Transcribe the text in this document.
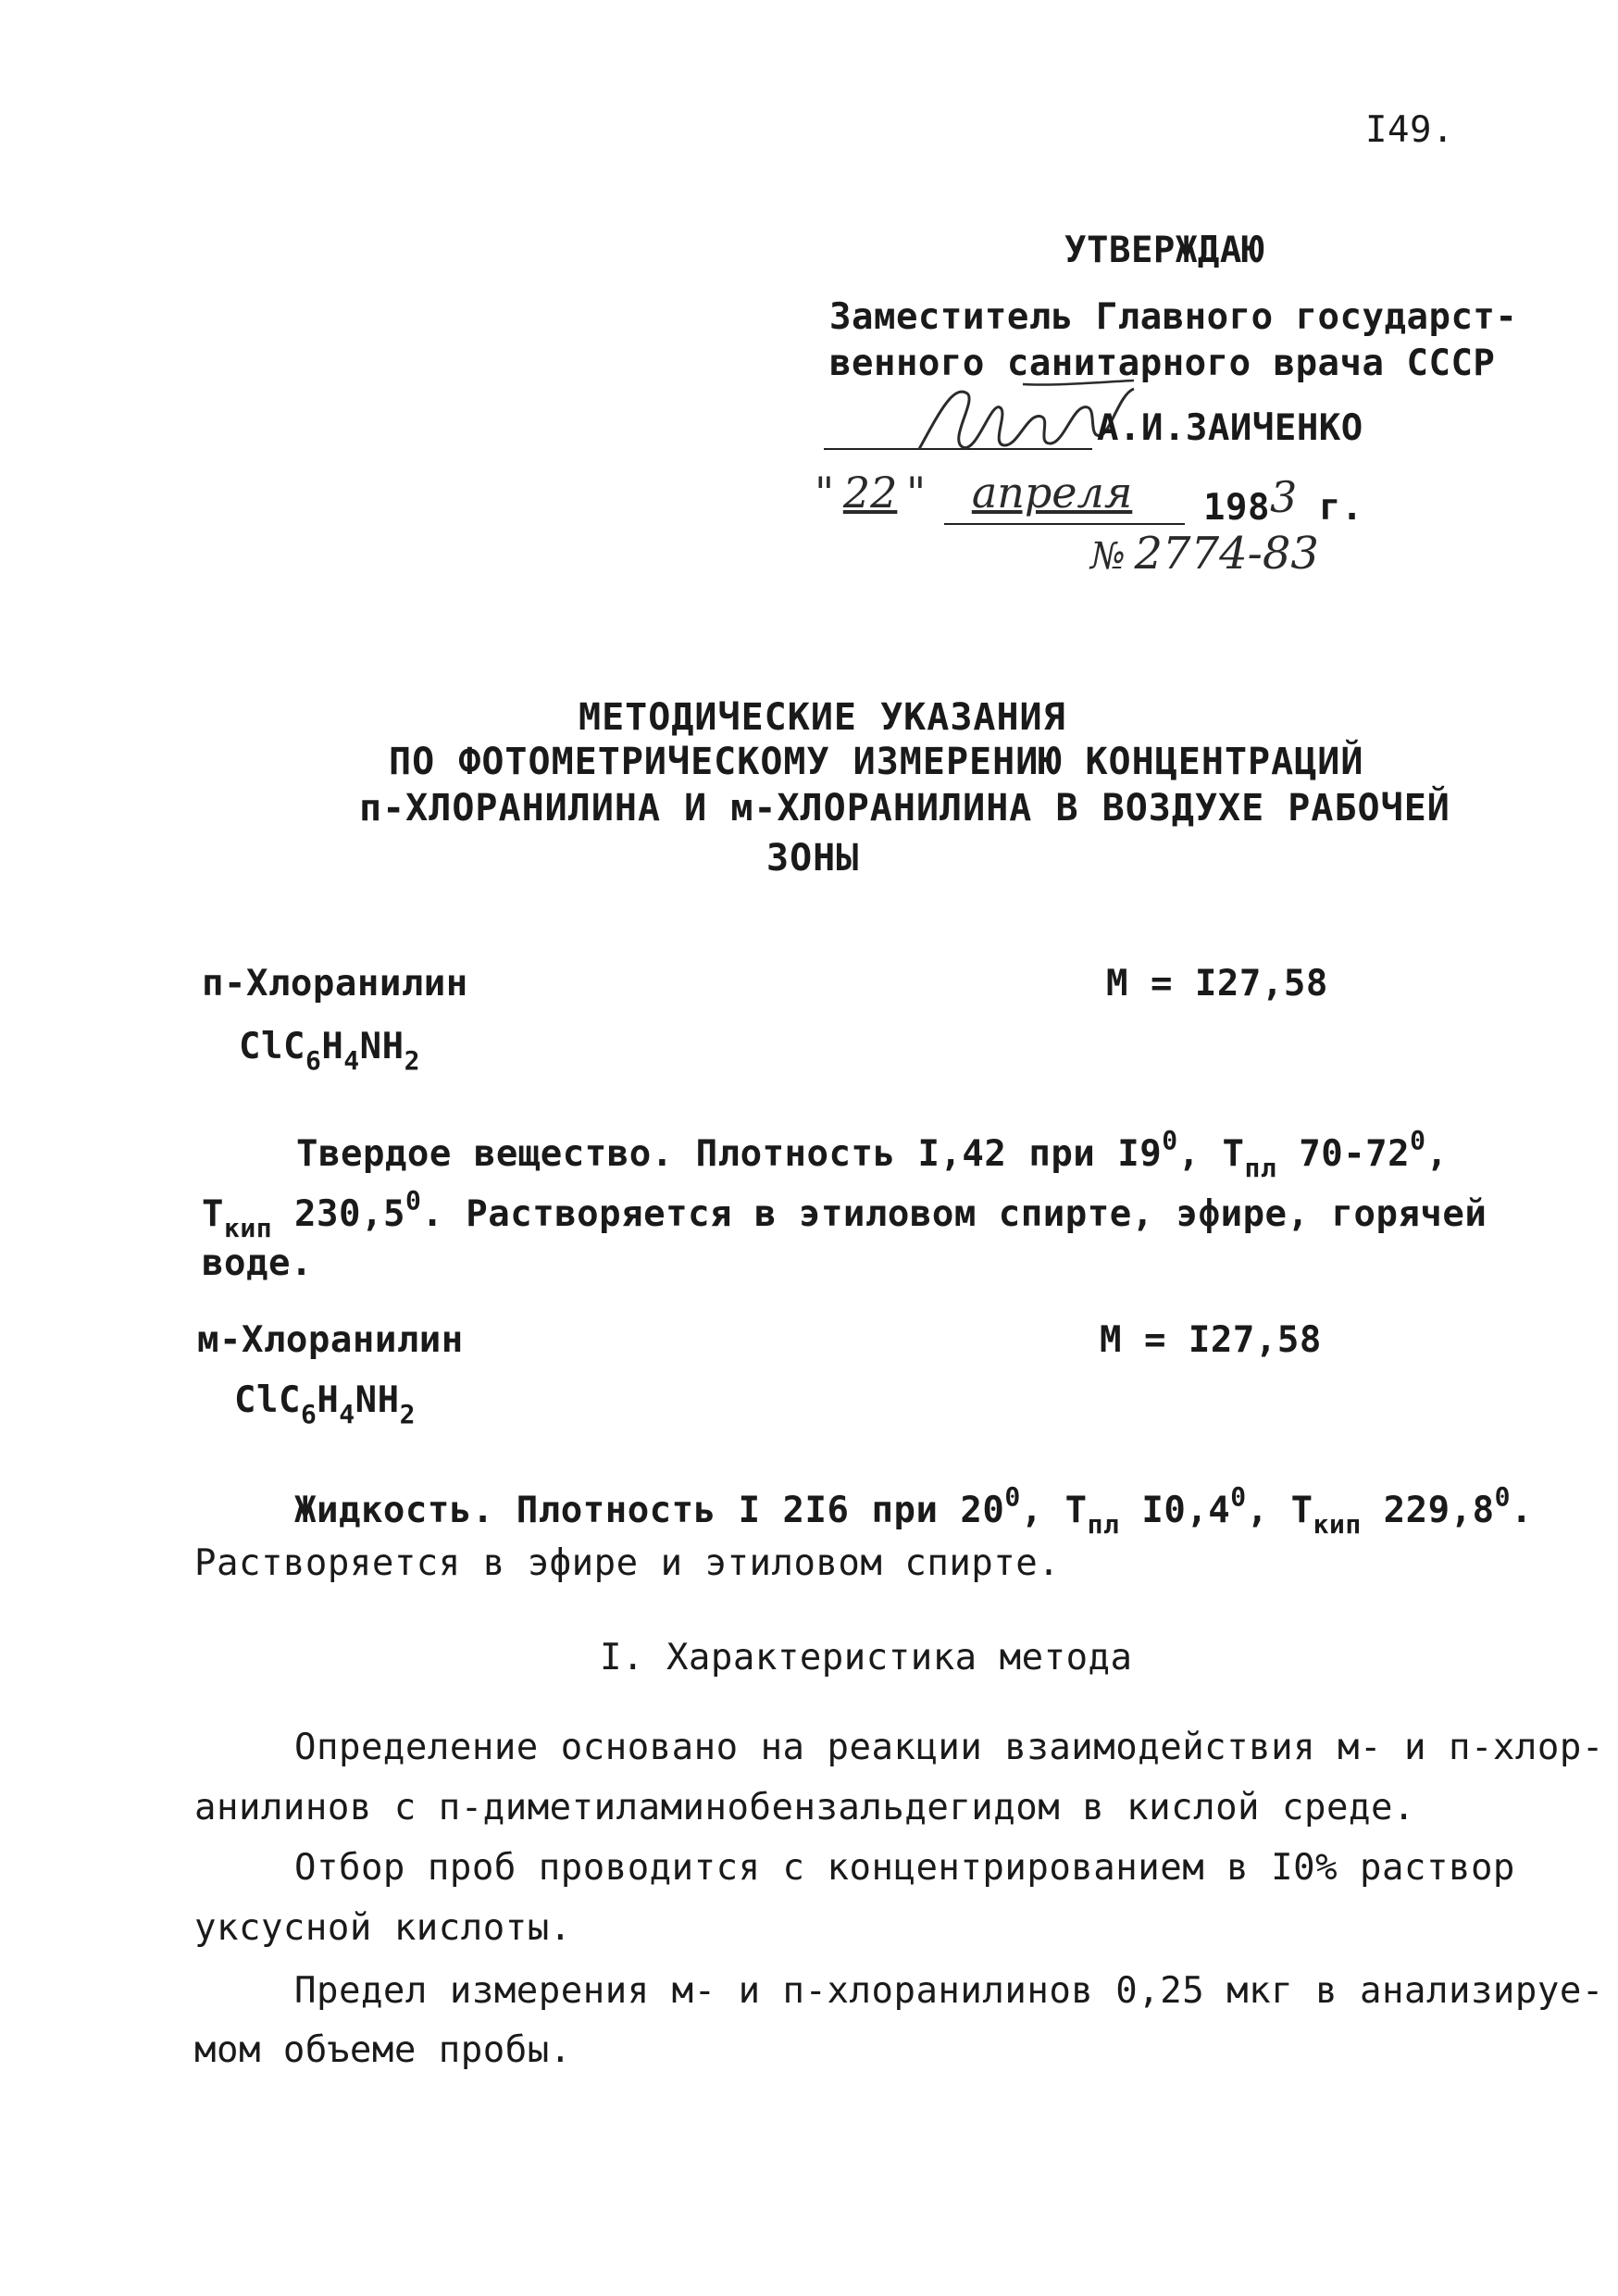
I49.
УТВЕРЖДАЮ
Заместитель Главного государст-
венного санитарного врача СССР
А.И.ЗАИЧЕНКО
" 22 " апреля 1983 г.
№ 2774-83
МЕТОДИЧЕСКИЕ УКАЗАНИЯ
ПО ФОТОМЕТРИЧЕСКОМУ ИЗМЕРЕНИЮ КОНЦЕНТРАЦИЙ
п-ХЛОРАНИЛИНА И м-ХЛОРАНИЛИНА В ВОЗДУХЕ РАБОЧЕЙ
ЗОНЫ
п-Хлоранилин	М = I27,58
$ClC_6H_4NH_2$
Твердое вещество. Плотность I,42 при $I9^0$, $T_{пл}$ $70-72^0$,
$T_{кип}$ 230,5$^0$. Растворяется в этиловом спирте, эфире, горячей
воде.
м-Хлоранилин	М = I27,58
$ClC_6H_4NH_2$
Жидкость. Плотность I 2I6 при $20^0$, $T_{пл}$ $I0,4^0$, $T_{кип}$ 229,8$^0$.
Растворяется в эфире и этиловом спирте.
I. Характеристика метода
Определение основано на реакции взаимодействия м- и п-хлор-
анилинов с п-диметиламинобензальдегидом в кислой среде.
Отбор проб проводится с концентрированием в I0% раствор
уксусной кислоты.
Предел измерения м- и п-хлоранилинов 0,25 мкг в анализируе-
мом объеме пробы.
